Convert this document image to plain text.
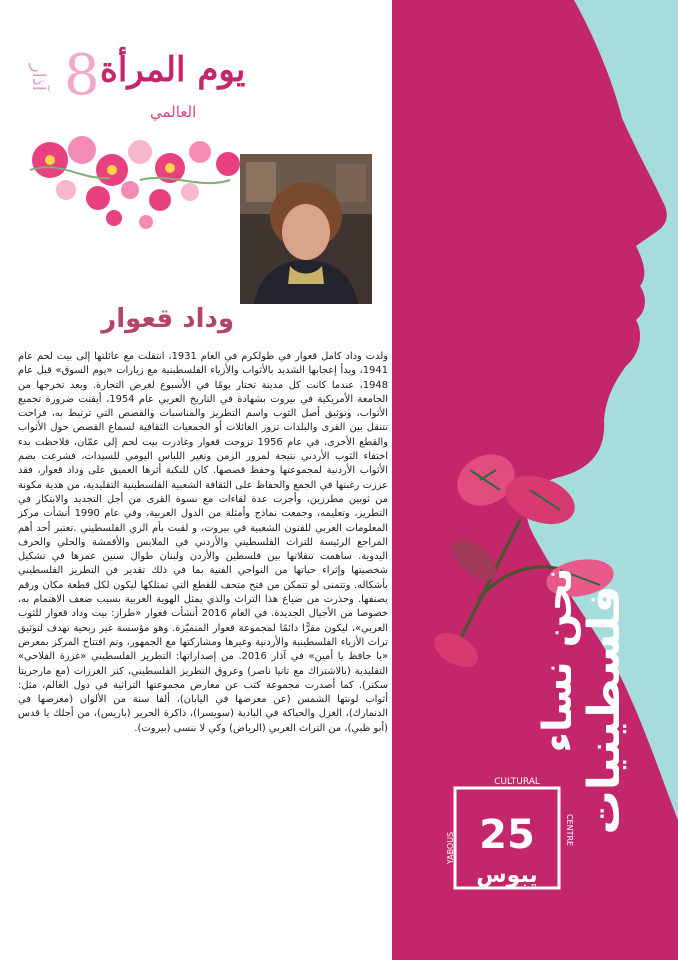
8
آذار يوم المرأة
العالمي
وداد قعوار

ولدت وداد كامل قعوار في طولكرم في العام 1931، انتقلت مع عائلتها إلى بيت لحم عام 1941، وبدأ إعجابها الشديد بالأثواب والأزياء الفلسطينية مع زيارات «يوم السوق» قبل عام 1948، عندما كانت كل مدينة تختار يومًا في الأسبوع لغرض التجارة. وبعد تخرجها من الجامعة الأمريكية في بيروت بشهادة في التاريخ العربي عام 1954، أيقنت ضرورة تجميع الأثواب، وتوثيق أصل الثوب واسم التطريز والمناسبات والقصص التي ترتبط به، فراحت تتنقل بين القرى والبلدات تزور العائلات أو الجمعيات الثقافية لسماع القصص حول الأثواب والقطع الأخرى. في عام 1956 تزوجت قعوار وغادرت بيت لحم إلى عمّان، فلاحظت بدء اختفاء الثوب الأردني نتيجة لمرور الزمن وتغير اللباس اليومي للسيدات، فشرعت بضم الأثواب الأردنية لمجموعتها وحفظ قصصها. كان للنكبة أثرها العميق على وداد قعوار، فقد عززت رغبتها في الجمع والحفاظ على الثقافة الشعبية الفلسطينية التقليدية، من هدية مكونة من ثوبين مطرزين، وأجرت عدة لقاءات مع نسوة القرى من أجل التجديد والابتكار في التطريز، وتعليمه، وجمعت نماذج وأمثلة من الدول العربية، وفي عام 1990 أنشأت مركز المعلومات العربي للفنون الشعبية في بيروت، و لقبت بأم الزي الفلسطيني .تعتبر أحد أهم المراجع الرئيسة للتراث الفلسطيني والأردني في الملابس والأقمشة والحلي والحرف اليدوية. ساهمت تنقلاتها بين فلسطين والأردن ولبنان طوال سنين عمرها في تشكيل شخصيتها وإثراء حياتها من النواحي الفنية بما في ذلك تقدير فن التطريز الفلسطيني بأشكاله. وتتمنى لو تتمكن من فتح متحف للقطع التي تمتلكها ليكون لكل قطعة مكان ورقم يصنفها. وحذرت من ضياع هذا التراث والذي يمثل الهوية العربية بسبب ضعف الاهتمام به، خصوصا من الأجيال الجديدة. في العام 2016 أنشأت قعوار «طراز: بيت وداد قعوار للثوب العربي»، ليكون مقرًّا دائمًا لمجموعة قعوار المتميّزة. وهو مؤسسة غير ربحية تهدف لتوثيق تراث الأزياء الفلسطينية والأردنية وغيرها ومشاركتها مع الجمهور، وتم افتتاح المركز بمعرض «يا حافظ يا أمين» في آذار 2016. من إصداراتها: التطريز الفلسطيني «غرزة الفلاحي» التقليدية (بالاشتراك مع تانيا ناصر) وعروق التطريز الفلسطيني، كنز الغرزات (مع مارجريتا سكنر). كما أصدرت مجموعة كتب عن معارض مجموعتها التراثية في دول العالم، مثل: أثواب لونتها الشمس (عن معرضها في اليابان)، ألفا سنة من الألوان (معرضها في الدنمارك)، الغزل والحياكة في البادية (سويسرا)، ذاكرة الحرير (باريس)، من أجلك يا قدس (أبو ظبي)، من التراث العربي (الرياض) وكي لا ننسى (بيروت).	نحن نساء
فلسطينيات
CULTURAL
25
يبوس
YABOUS
CENTRE
